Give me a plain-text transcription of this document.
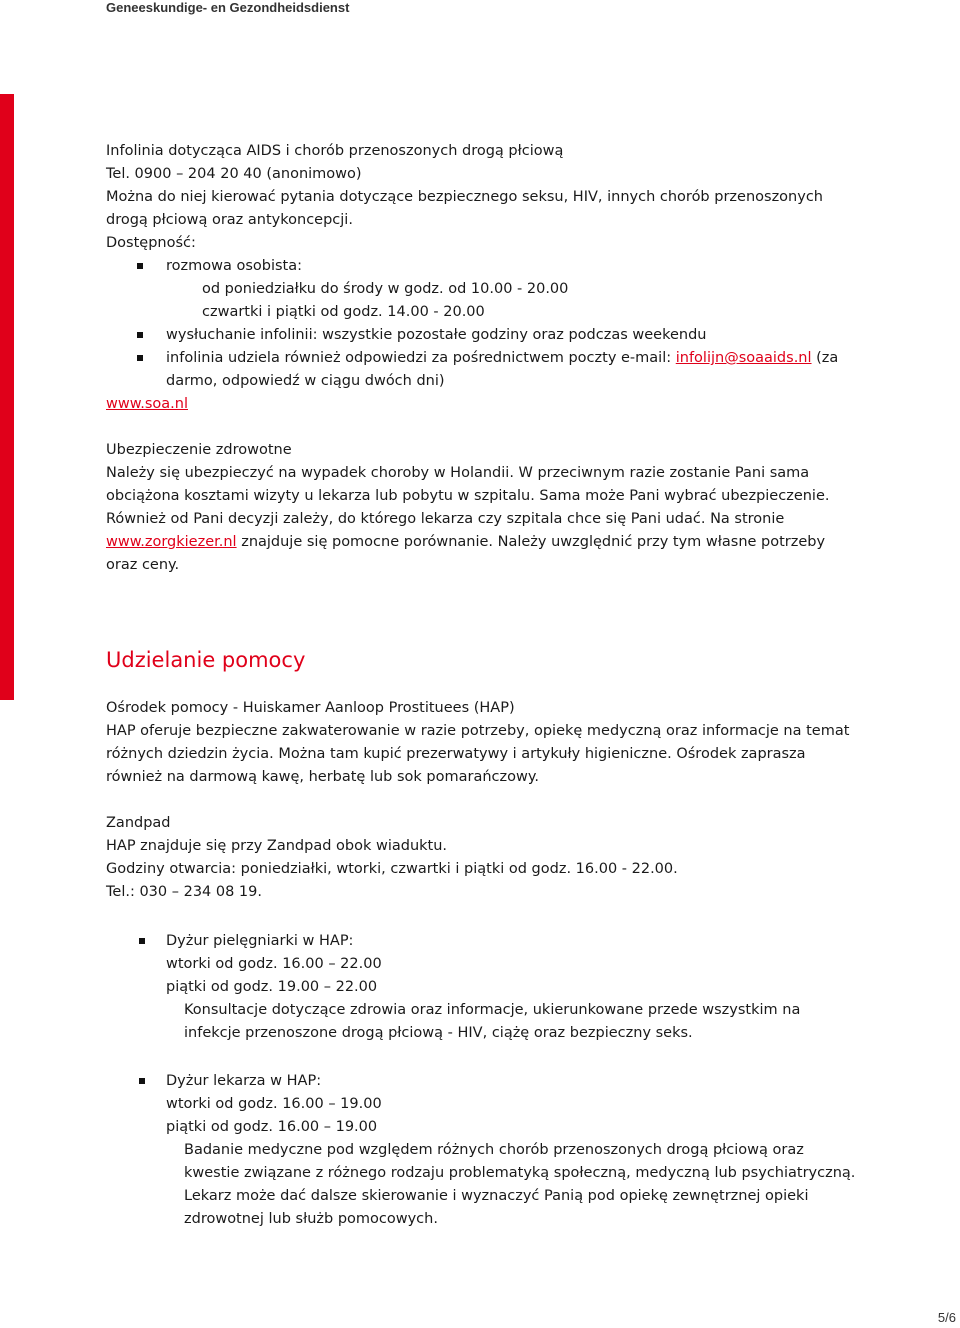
Geneeskundige- en Gezondheidsdienst
Infolinia dotycząca AIDS i chorób przenoszonych drogą płciową
Tel. 0900 – 204 20 40 (anonimowo)
Można do niej kierować pytania dotyczące bezpiecznego seksu, HIV, innych chorób przenoszonych
drogą płciową oraz antykoncepcji.
Dostępność:
rozmowa osobista:
od poniedziałku do środy w godz. od 10.00 - 20.00
czwartki i piątki od godz. 14.00 - 20.00
wysłuchanie infolinii: wszystkie pozostałe godziny oraz podczas weekendu
infolinia udziela również odpowiedzi za pośrednictwem poczty e-mail: infolijn@soaaids.nl (za
darmo, odpowiedź w ciągu dwóch dni)
www.soa.nl
Ubezpieczenie zdrowotne
Należy się ubezpieczyć na wypadek choroby w Holandii. W przeciwnym razie zostanie Pani sama
obciążona kosztami wizyty u lekarza lub pobytu w szpitalu. Sama może Pani wybrać ubezpieczenie.
Również od Pani decyzji zależy, do którego lekarza czy szpitala chce się Pani udać. Na stronie
www.zorgkiezer.nl znajduje się pomocne porównanie. Należy uwzględnić przy tym własne potrzeby
oraz ceny.
Udzielanie pomocy
Ośrodek pomocy - Huiskamer Aanloop Prostituees (HAP)
HAP oferuje bezpieczne zakwaterowanie w razie potrzeby, opiekę medyczną oraz informacje na temat
różnych dziedzin życia. Można tam kupić prezerwatywy i artykuły higieniczne. Ośrodek zaprasza
również na darmową kawę, herbatę lub sok pomarańczowy.
Zandpad
HAP znajduje się przy Zandpad obok wiaduktu.
Godziny otwarcia: poniedziałki, wtorki, czwartki i piątki od godz. 16.00 - 22.00.
Tel.: 030 – 234 08 19.
Dyżur pielęgniarki w HAP:
wtorki od godz. 16.00 – 22.00
piątki od godz. 19.00 – 22.00
Konsultacje dotyczące zdrowia oraz informacje, ukierunkowane przede wszystkim na
infekcje przenoszone drogą płciową - HIV, ciążę oraz bezpieczny seks.
Dyżur lekarza w HAP:
wtorki od godz. 16.00 – 19.00
piątki od godz. 16.00 – 19.00
Badanie medyczne pod względem różnych chorób przenoszonych drogą płciową oraz
kwestie związane z różnego rodzaju problematyką społeczną, medyczną lub psychiatryczną.
Lekarz może dać dalsze skierowanie i wyznaczyć Panią pod opiekę zewnętrznej opieki
zdrowotnej lub służb pomocowych.
5/6
